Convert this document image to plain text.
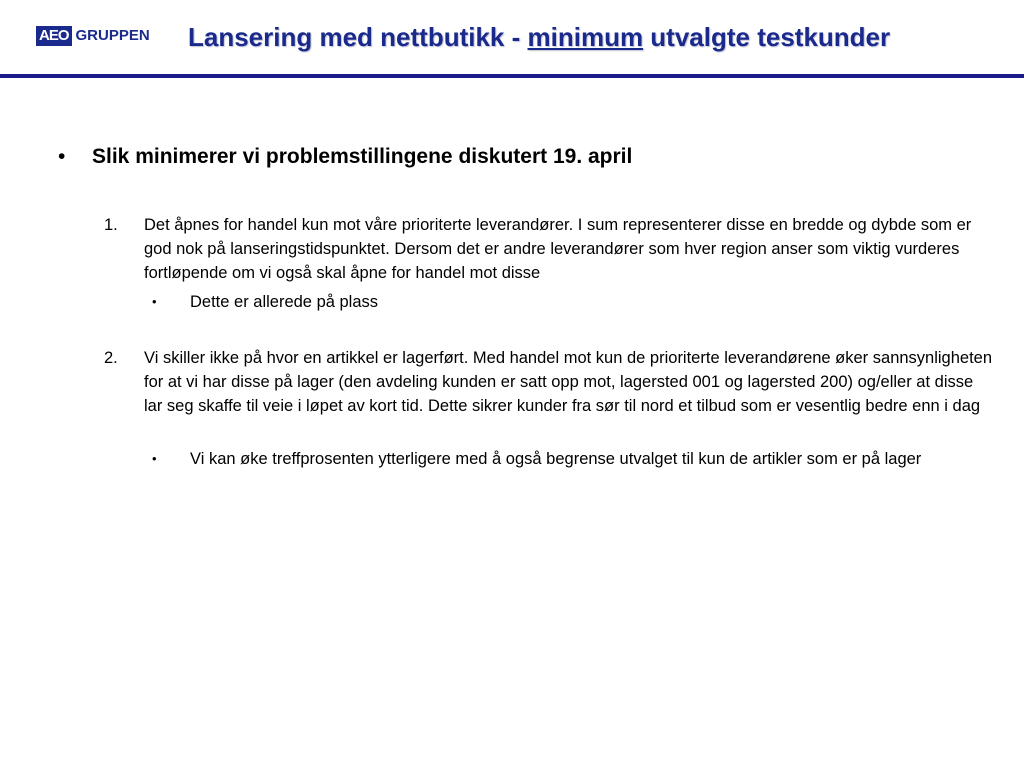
AEO GRUPPEN Lansering med nettbutikk - minimum utvalgte testkunder
•	Slik minimerer vi problemstillingene diskutert 19. april
1.	Det åpnes for handel kun mot våre prioriterte leverandører. I sum representerer disse en bredde og dybde som er god nok på lanseringstidspunktet. Dersom det er andre leverandører som hver region anser som viktig vurderes fortløpende om vi også skal åpne for handel mot disse
•	Dette er allerede på plass
2.	Vi skiller ikke på hvor en artikkel er lagerført. Med handel mot kun de prioriterte leverandørene øker sannsynligheten for at vi har disse på lager (den avdeling kunden er satt opp mot, lagersted 001 og lagersted 200) og/eller at disse lar seg skaffe til veie i løpet av kort tid. Dette sikrer kunder fra sør til nord et tilbud som er vesentlig bedre enn i dag
•	Vi kan øke treffprosenten ytterligere med å også begrense utvalget til kun de artikler som er på lager
